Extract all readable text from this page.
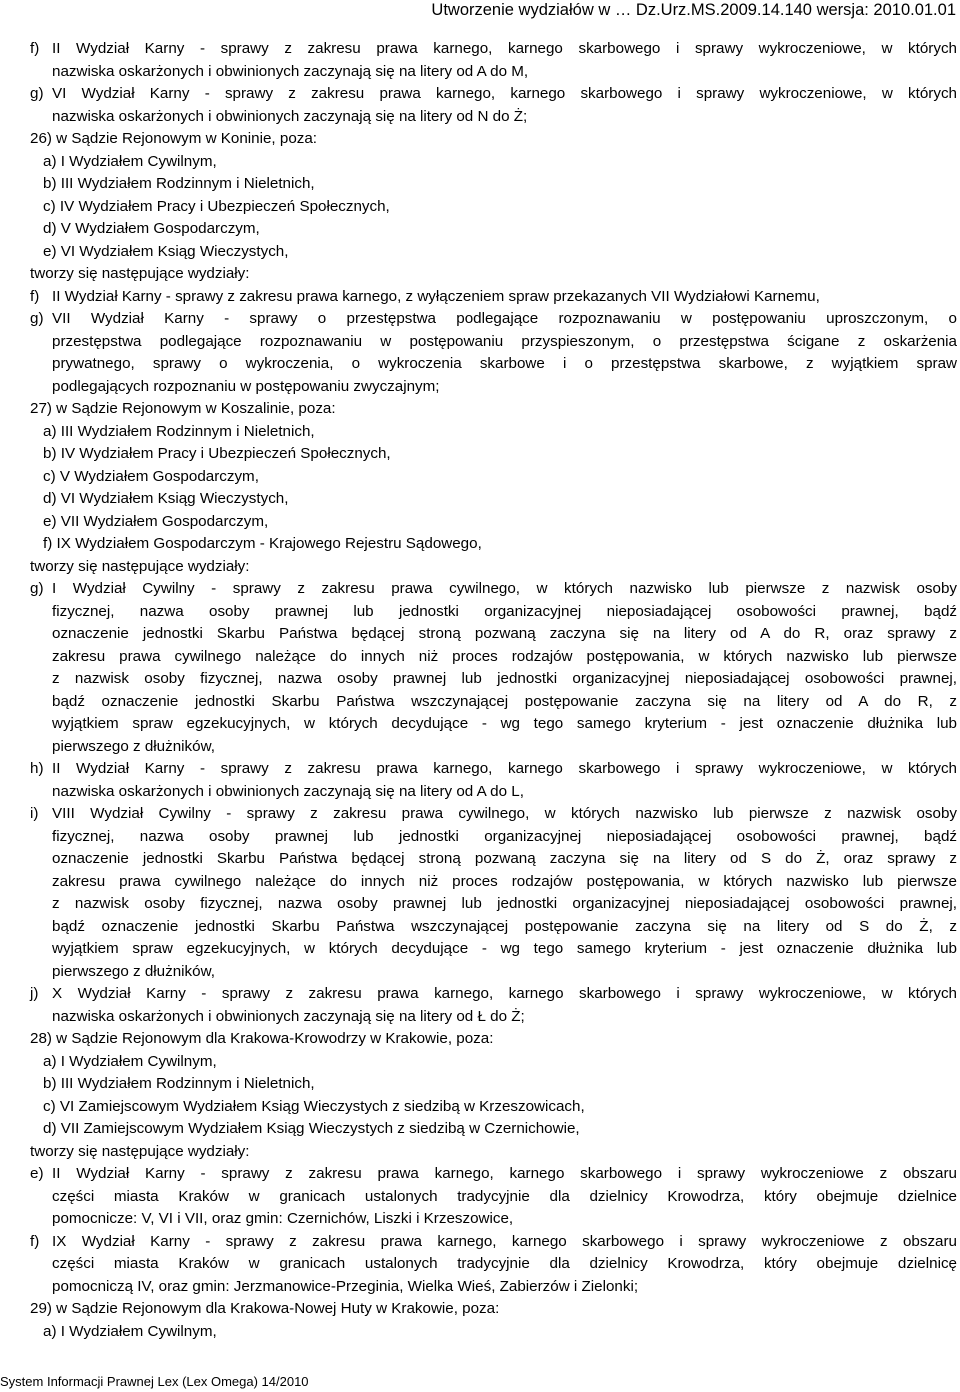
Utworzenie wydziałów w … Dz.Urz.MS.2009.14.140 wersja: 2010.01.01
f) II Wydział Karny - sprawy z zakresu prawa karnego, karnego skarbowego i sprawy wykroczeniowe, w których

nazwiska oskarżonych i obwinionych zaczynają się na litery od A do M,

g) VI Wydział Karny - sprawy z zakresu prawa karnego, karnego skarbowego i sprawy wykroczeniowe, w których

nazwiska oskarżonych i obwinionych zaczynają się na litery od N do Ż;

26) w Sądzie Rejonowym w Koninie, poza:
a) I Wydziałem Cywilnym,
b) III Wydziałem Rodzinnym i Nieletnich,
c) IV Wydziałem Pracy i Ubezpieczeń Społecznych,
d) V Wydziałem Gospodarczym,
e) VI Wydziałem Ksiąg Wieczystych,
tworzy się następujące wydziały:
f) II Wydział Karny - sprawy z zakresu prawa karnego, z wyłączeniem spraw przekazanych VII Wydziałowi Karnemu,

g) VII Wydział Karny - sprawy o przestępstwa podlegające rozpoznawaniu w postępowaniu uproszczonym, o

przestępstwa podlegające rozpoznawaniu w postępowaniu przyspieszonym, o przestępstwa ścigane z oskarżenia

prywatnego, sprawy o wykroczenia, o wykroczenia skarbowe i o przestępstwa skarbowe, z wyjątkiem spraw

podlegających rozpoznaniu w postępowaniu zwyczajnym;

27) w Sądzie Rejonowym w Koszalinie, poza:
a) III Wydziałem Rodzinnym i Nieletnich,
b) IV Wydziałem Pracy i Ubezpieczeń Społecznych,
c) V Wydziałem Gospodarczym,
d) VI Wydziałem Ksiąg Wieczystych,
e) VII Wydziałem Gospodarczym,
f) IX Wydziałem Gospodarczym - Krajowego Rejestru Sądowego,
tworzy się następujące wydziały:
g) I Wydział Cywilny - sprawy z zakresu prawa cywilnego, w których nazwisko lub pierwsze z nazwisk osoby

fizycznej, nazwa osoby prawnej lub jednostki organizacyjnej nieposiadającej osobowości prawnej, bądź

oznaczenie jednostki Skarbu Państwa będącej stroną pozwaną zaczyna się na litery od A do R, oraz sprawy z

zakresu prawa cywilnego należące do innych niż proces rodzajów postępowania, w których nazwisko lub pierwsze

z nazwisk osoby fizycznej, nazwa osoby prawnej lub jednostki organizacyjnej nieposiadającej osobowości prawnej,

bądź oznaczenie jednostki Skarbu Państwa wszczynającej postępowanie zaczyna się na litery od A do R, z

wyjątkiem spraw egzekucyjnych, w których decydujące - wg tego samego kryterium - jest oznaczenie dłużnika lub

pierwszego z dłużników,

h) II Wydział Karny - sprawy z zakresu prawa karnego, karnego skarbowego i sprawy wykroczeniowe, w których

nazwiska oskarżonych i obwinionych zaczynają się na litery od A do L,

i) VIII Wydział Cywilny - sprawy z zakresu prawa cywilnego, w których nazwisko lub pierwsze z nazwisk osoby

fizycznej, nazwa osoby prawnej lub jednostki organizacyjnej nieposiadającej osobowości prawnej, bądź

oznaczenie jednostki Skarbu Państwa będącej stroną pozwaną zaczyna się na litery od S do Ż, oraz sprawy z

zakresu prawa cywilnego należące do innych niż proces rodzajów postępowania, w których nazwisko lub pierwsze

z nazwisk osoby fizycznej, nazwa osoby prawnej lub jednostki organizacyjnej nieposiadającej osobowości prawnej,

bądź oznaczenie jednostki Skarbu Państwa wszczynającej postępowanie zaczyna się na litery od S do Ż, z

wyjątkiem spraw egzekucyjnych, w których decydujące - wg tego samego kryterium - jest oznaczenie dłużnika lub

pierwszego z dłużników,

j) X Wydział Karny - sprawy z zakresu prawa karnego, karnego skarbowego i sprawy wykroczeniowe, w których

nazwiska oskarżonych i obwinionych zaczynają się na litery od Ł do Ż;

28) w Sądzie Rejonowym dla Krakowa-Krowodrzy w Krakowie, poza:
a) I Wydziałem Cywilnym,
b) III Wydziałem Rodzinnym i Nieletnich,
c) VI Zamiejscowym Wydziałem Ksiąg Wieczystych z siedzibą w Krzeszowicach,
d) VII Zamiejscowym Wydziałem Ksiąg Wieczystych z siedzibą w Czernichowie,
tworzy się następujące wydziały:
e) II Wydział Karny - sprawy z zakresu prawa karnego, karnego skarbowego i sprawy wykroczeniowe z obszaru

części miasta Kraków w granicach ustalonych tradycyjnie dla dzielnicy Krowodrza, który obejmuje dzielnice

pomocnicze: V, VI i VII, oraz gmin: Czernichów, Liszki i Krzeszowice,

f) IX Wydział Karny - sprawy z zakresu prawa karnego, karnego skarbowego i sprawy wykroczeniowe z obszaru

części miasta Kraków w granicach ustalonych tradycyjnie dla dzielnicy Krowodrza, który obejmuje dzielnicę

pomocniczą IV, oraz gmin: Jerzmanowice-Przeginia, Wielka Wieś, Zabierzów i Zielonki;

29) w Sądzie Rejonowym dla Krakowa-Nowej Huty w Krakowie, poza:
a) I Wydziałem Cywilnym,
System Informacji Prawnej Lex (Lex Omega) 14/2010
